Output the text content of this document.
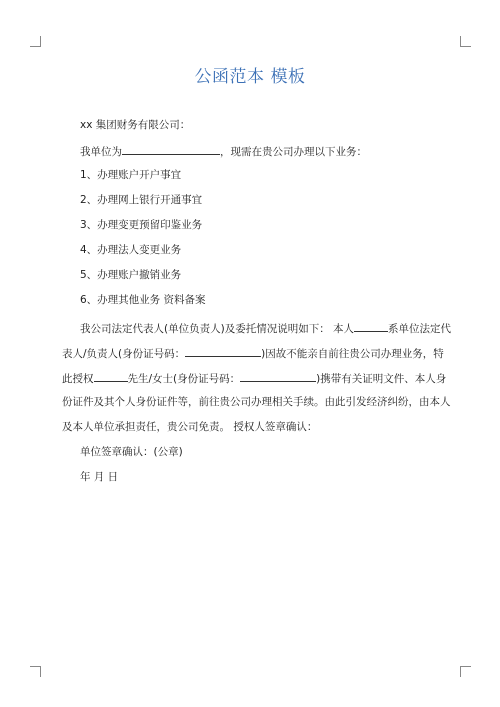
公函范本 模板
xx 集团财务有限公司：
我单位为	，现需在贵公司办理以下业务：
1、办理账户开户事宜
2、办理网上银行开通事宜
3、办理变更预留印鉴业务
4、办理法人变更业务
5、办理账户撤销业务
6、办理其他业务 资料备案
我公司法定代表人(单位负责人)及委托情况说明如下： 本人	系单位法定代
表人/负责人(身份证号码：	)因故不能亲自前往贵公司办理业务，特
此授权	先生/女士(身份证号码：	)携带有关证明文件、本人身
份证件及其个人身份证件等，前往贵公司办理相关手续。由此引发经济纠纷，由本人
及本人单位承担责任，贵公司免责。 授权人签章确认：
单位签章确认：(公章)
年 月 日
